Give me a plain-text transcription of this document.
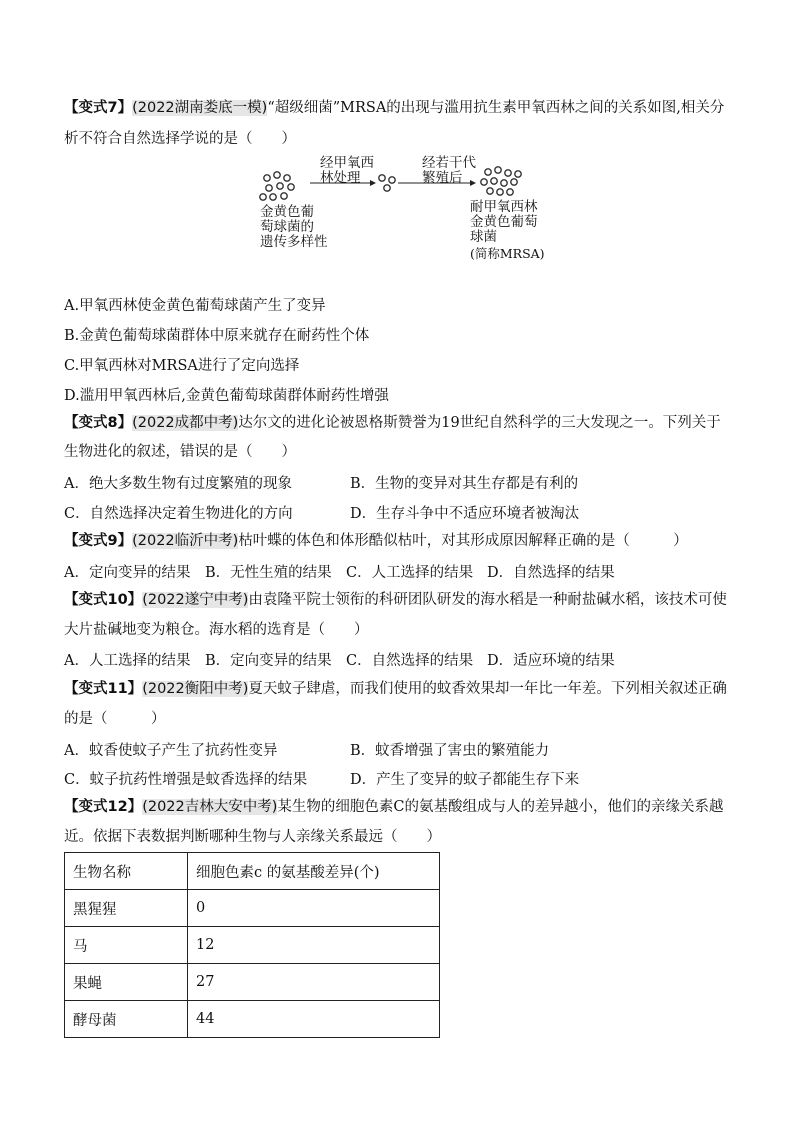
【变式7】(2022湖南娄底一模)“超级细菌”MRSA的出现与滥用抗生素甲氧西林之间的关系如图,相关分
析不符合自然选择学说的是（　　）
经甲氧西
林处理
经若干代
繁殖后
金黄色葡
萄球菌的
遗传多样性
耐甲氧西林
金黄色葡萄
球菌
(简称MRSA)
A.甲氧西林使金黄色葡萄球菌产生了变异
B.金黄色葡萄球菌群体中原来就存在耐药性个体
C.甲氧西林对MRSA进行了定向选择
D.滥用甲氧西林后,金黄色葡萄球菌群体耐药性增强
【变式8】(2022成都中考)达尔文的进化论被恩格斯赞誉为19世纪自然科学的三大发现之一。下列关于
生物进化的叙述，错误的是（　　）
A．绝大多数生物有过度繁殖的现象	B．生物的变异对其生存都是有利的
C．自然选择决定着生物进化的方向	D．生存斗争中不适应环境者被淘汰
【变式9】(2022临沂中考)枯叶蝶的体色和体形酷似枯叶，对其形成原因解释正确的是（　　　）
A．定向变异的结果 B．无性生殖的结果 C．人工选择的结果 D．自然选择的结果
【变式10】(2022遂宁中考)由袁隆平院士领衔的科研团队研发的海水稻是一种耐盐碱水稻，该技术可使
大片盐碱地变为粮仓。海水稻的选育是（　　）
A．人工选择的结果 B．定向变异的结果 C．自然选择的结果 D．适应环境的结果
【变式11】(2022衡阳中考)夏天蚊子肆虐，而我们使用的蚊香效果却一年比一年差。下列相关叙述正确
的是（　　　）
A．蚊香使蚊子产生了抗药性变异	B．蚊香增强了害虫的繁殖能力
C．蚊子抗药性增强是蚊香选择的结果	D．产生了变异的蚊子都能生存下来
【变式12】(2022吉林大安中考)某生物的细胞色素C的氨基酸组成与人的差异越小，他们的亲缘关系越
近。依据下表数据判断哪种生物与人亲缘关系最远（　　）
生物名称	细胞色素c 的氨基酸差异(个)
黑猩猩	0
马	12
果蝇	27
酵母菌	44
